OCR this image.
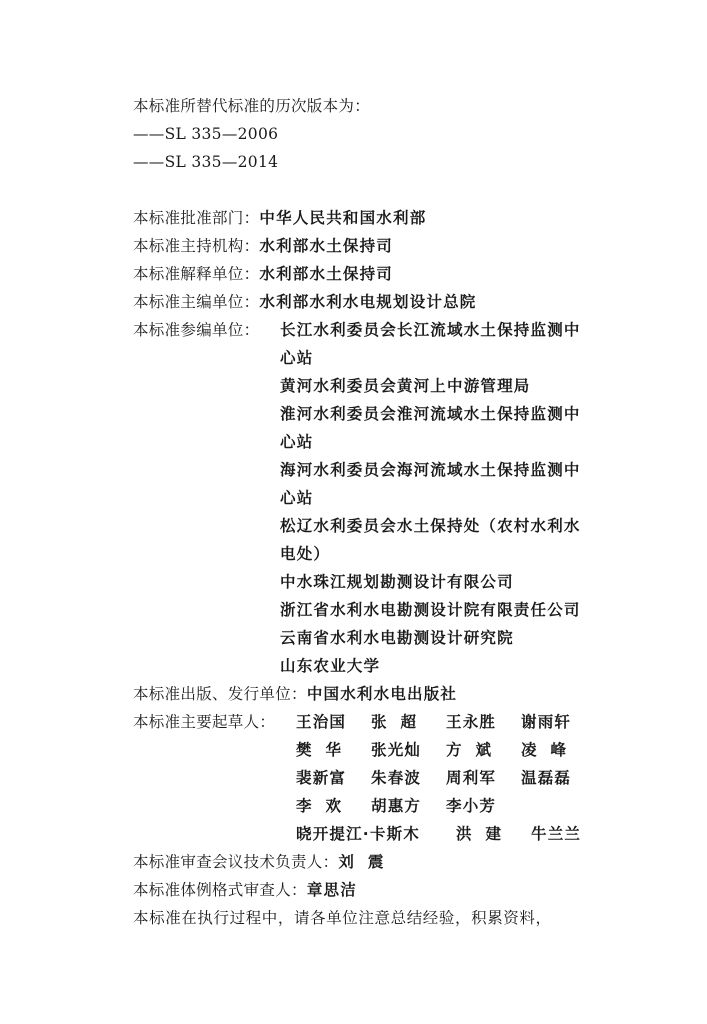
本标准所替代标准的历次版本为：
——SL 335—2006
——SL 335—2014
本标准批准部门：中华人民共和国水利部
本标准主持机构：水利部水土保持司
本标准解释单位：水利部水土保持司
本标准主编单位：水利部水利水电规划设计总院
本标准参编单位： 长江水利委员会长江流域水土保持监测中
心站
黄河水利委员会黄河上中游管理局
淮河水利委员会淮河流域水土保持监测中
心站
海河水利委员会海河流域水土保持监测中
心站
松辽水利委员会水土保持处（农村水利水
电处）
中水珠江规划勘测设计有限公司
浙江省水利水电勘测设计院有限责任公司
云南省水利水电勘测设计研究院
山东农业大学
本标准出版、发行单位：中国水利水电出版社
本标准主要起草人： 王治国 张超 王永胜 谢雨轩
樊华 张光灿 方斌 凌峰
裴新富 朱春波 周利军 温磊磊
李欢 胡惠方 李小芳
晓开提江·卡斯木 洪建 牛兰兰
本标准审查会议技术负责人：刘震
本标准体例格式审查人：章思洁
本标准在执行过程中，请各单位注意总结经验，积累资料，
